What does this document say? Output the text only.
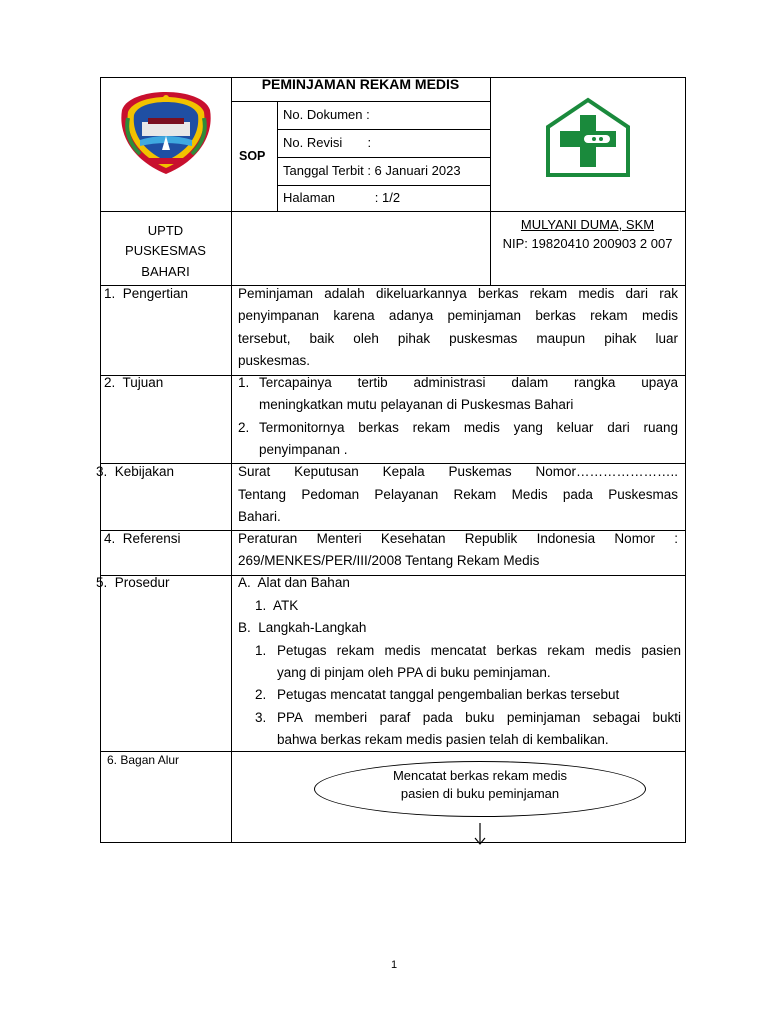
PEMINJAMAN REKAM MEDIS
SOP
No. Dokumen :
No. Revisi       :
Tanggal Terbit : 6 Januari 2023
Halaman           : 1/2
UPTD
PUSKESMAS
BAHARI
MULYANI DUMA, SKM
NIP: 19820410 200903 2 007
1.  Pengertian	Peminjaman adalah dikeluarkannya berkas rekam medis dari rak
penyimpanan karena adanya peminjaman berkas rekam medis
tersebut, baik oleh pihak puskesmas maupun pihak luar
puskesmas.
2.  Tujuan	1. Tercapainya tertib administrasi dalam rangka upaya
meningkatkan mutu pelayanan di Puskesmas Bahari
2. Termonitornya berkas rekam medis yang keluar dari ruang
penyimpanan .
3.  Kebijakan	Surat Keputusan Kepala Puskemas Nomor…………………..
Tentang Pedoman Pelayanan Rekam Medis pada Puskesmas
Bahari.
4.  Referensi	Peraturan Menteri Kesehatan Republik Indonesia Nomor :
269/MENKES/PER/III/2008 Tentang Rekam Medis
5.  Prosedur	A.  Alat dan Bahan
1.  ATK
B.  Langkah-Langkah
1. Petugas rekam medis mencatat berkas rekam medis pasien
yang di pinjam oleh PPA di buku peminjaman.
2. Petugas mencatat tanggal pengembalian berkas tersebut
3. PPA memberi paraf pada buku peminjaman sebagai bukti
bahwa berkas rekam medis pasien telah di kembalikan.
6. Bagan Alur
Mencatat berkas rekam medis
pasien di buku peminjaman
1
